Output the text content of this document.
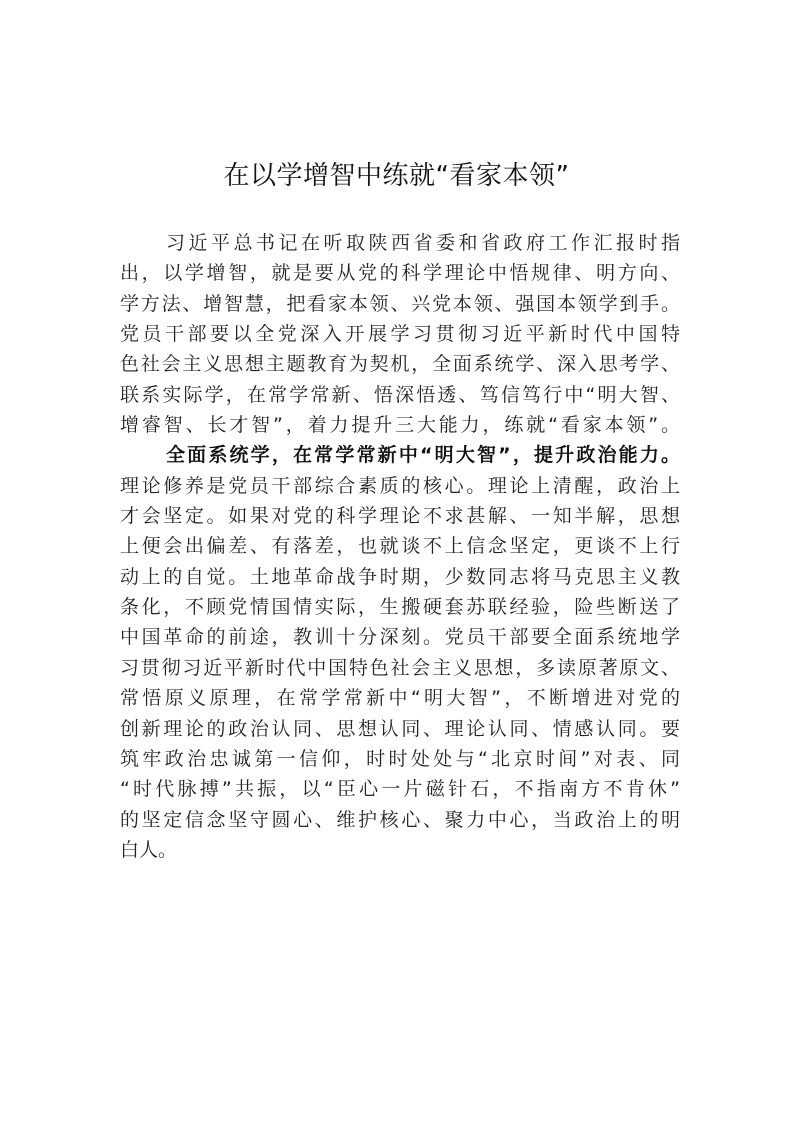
在以学增智中练就“看家本领”
习近平总书记在听取陕西省委和省政府工作汇报时指
出，以学增智，就是要从党的科学理论中悟规律、明方向、
学方法、增智慧，把看家本领、兴党本领、强国本领学到手。
党员干部要以全党深入开展学习贯彻习近平新时代中国特
色社会主义思想主题教育为契机，全面系统学、深入思考学、
联系实际学，在常学常新、悟深悟透、笃信笃行中“明大智、
增睿智、长才智”，着力提升三大能力，练就“看家本领”。
全面系统学，在常学常新中“明大智”，提升政治能力。
理论修养是党员干部综合素质的核心。理论上清醒，政治上
才会坚定。如果对党的科学理论不求甚解、一知半解，思想
上便会出偏差、有落差，也就谈不上信念坚定，更谈不上行
动上的自觉。土地革命战争时期，少数同志将马克思主义教
条化，不顾党情国情实际，生搬硬套苏联经验，险些断送了
中国革命的前途，教训十分深刻。党员干部要全面系统地学
习贯彻习近平新时代中国特色社会主义思想，多读原著原文、
常悟原义原理，在常学常新中“明大智”，不断增进对党的
创新理论的政治认同、思想认同、理论认同、情感认同。要
筑牢政治忠诚第一信仰，时时处处与“北京时间”对表、同
“时代脉搏”共振，以“臣心一片磁针石，不指南方不肯休”
的坚定信念坚守圆心、维护核心、聚力中心，当政治上的明
白人。
